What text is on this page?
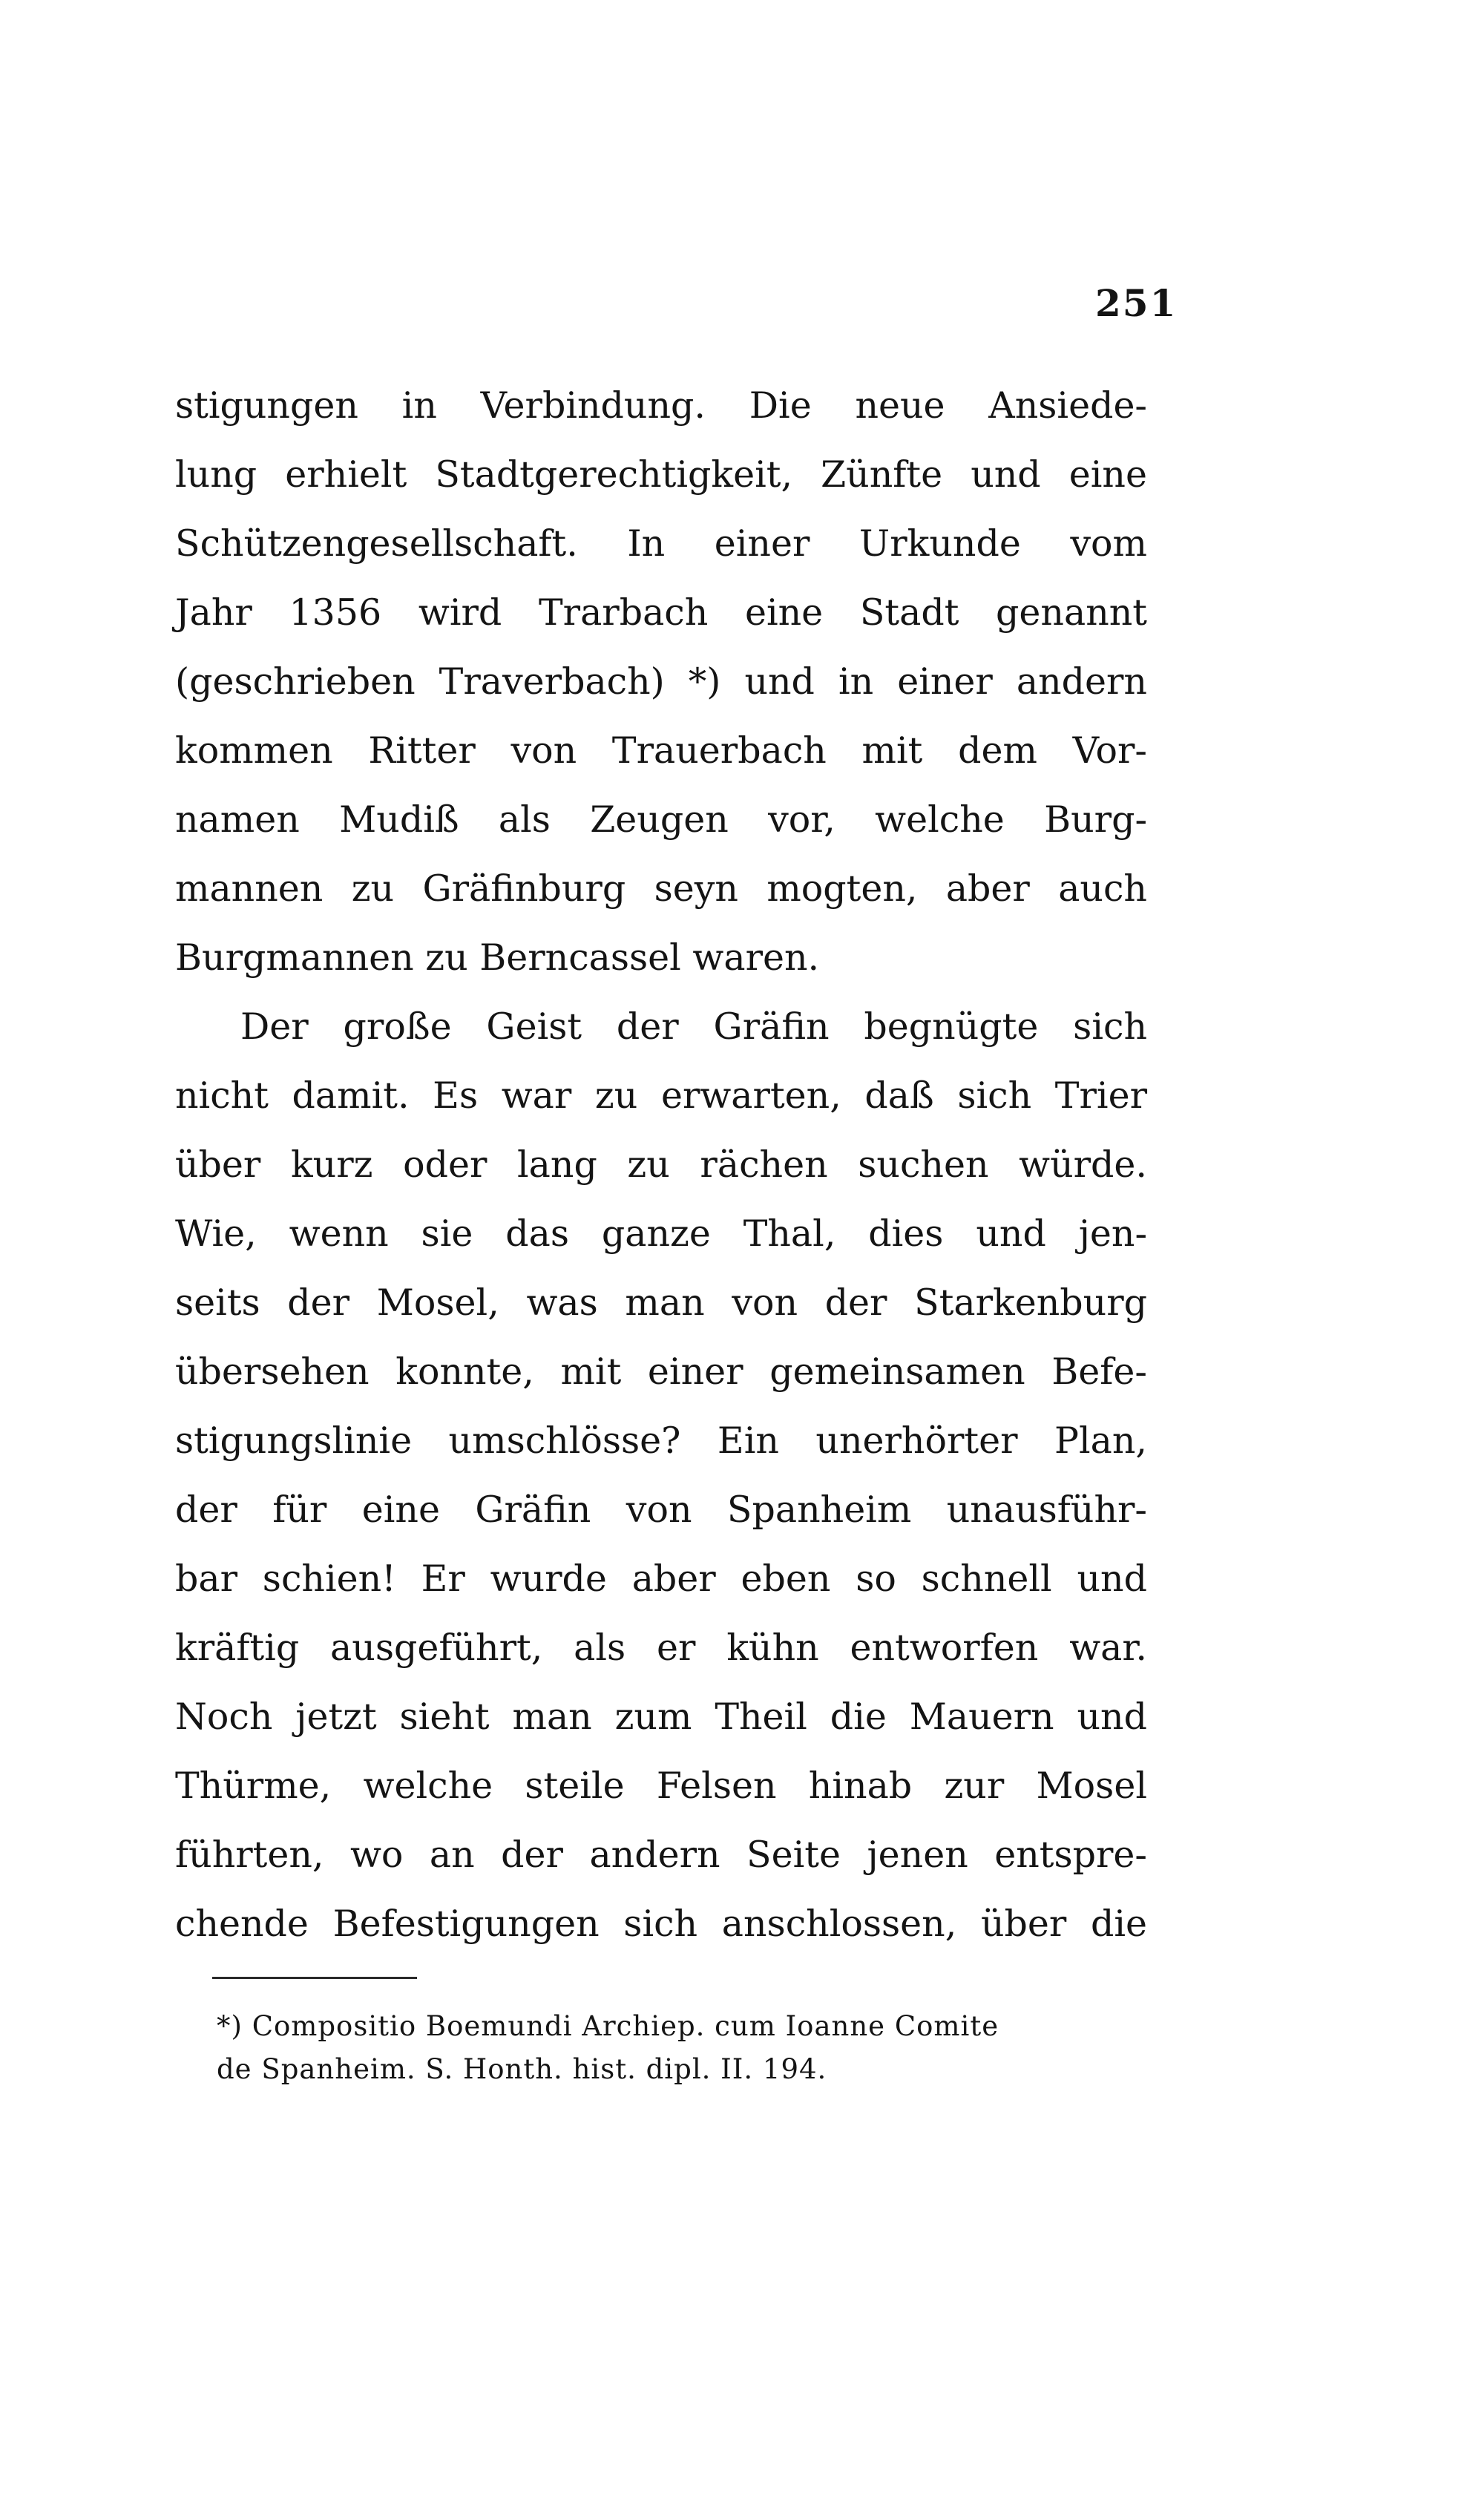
251
stigungen in Verbindung. Die neue Ansiede-
lung erhielt Stadtgerechtigkeit, Zünfte und eine
Schützengesellschaft. In einer Urkunde vom
Jahr 1356 wird Trarbach eine Stadt genannt
(geschrieben Traverbach) *) und in einer andern
kommen Ritter von Trauerbach mit dem Vor-
namen Mudiß als Zeugen vor, welche Burg-
mannen zu Gräfinburg seyn mogten, aber auch
Burgmannen zu Berncassel waren.
Der große Geist der Gräfin begnügte sich
nicht damit. Es war zu erwarten, daß sich Trier
über kurz oder lang zu rächen suchen würde.
Wie, wenn sie das ganze Thal, dies und jen-
seits der Mosel, was man von der Starkenburg
übersehen konnte, mit einer gemeinsamen Befe-
stigungslinie umschlösse? Ein unerhörter Plan,
der für eine Gräfin von Spanheim unausführ-
bar schien! Er wurde aber eben so schnell und
kräftig ausgeführt, als er kühn entworfen war.
Noch jetzt sieht man zum Theil die Mauern und
Thürme, welche steile Felsen hinab zur Mosel
führten, wo an der andern Seite jenen entspre-
chende Befestigungen sich anschlossen, über die
*) Compositio Boemundi Archiep. cum Ioanne Comite
de Spanheim. S. Honth. hist. dipl. II. 194.
